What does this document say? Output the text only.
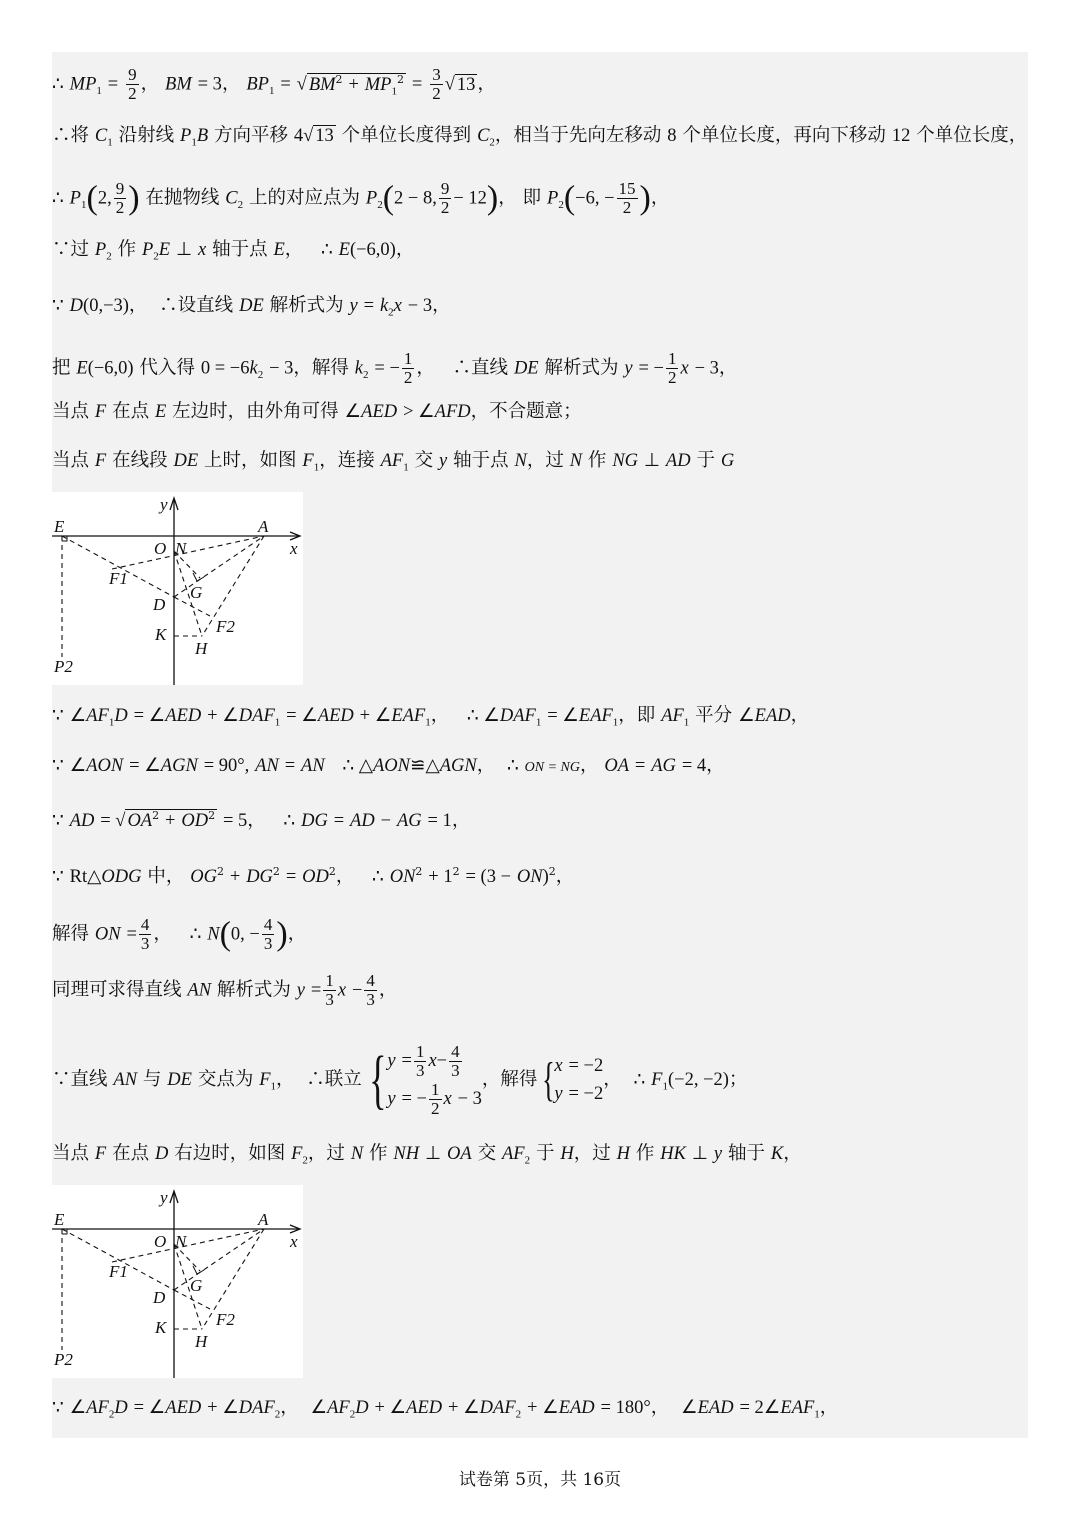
∴ $MP_1 = \frac{9}{2}$ ， BM = 3， $BP_1$ = √ $BM^2 + MP_1^2 = \frac{3}{2}$ √ 13 ，
∴将 $C_1$ 沿射线 $P_1B$ 方向平移 4√ 13 个单位长度得到 $C_2$，相当于先向左移动 8 个单位长度，再向下移动 12 个单位长度，
∴ $P_1(2$, $\frac{9}{2}$ ) 在抛物线 $C_2$ 上的对应点为 $P_2(2 - 8$, $\frac{9}{2} - 12$)， 即 $P_2(-6$, − $\frac{15}{2}$ )，
∵过 $P_2$ 作 $P_2E$ ⊥ x 轴于点 E，   ∴ E(−6,0)，
∵ D(0,−3)，  ∴设直线 DE 解析式为 $y = k_2x - 3$，
把 E(−6,0) 代入得 $0 = -6k_2 - 3$，解得 $k_2$ = − $\frac{1}{2}$ ，   ∴直线 DE 解析式为 y = − $\frac{1}{2}$ x − 3，
当点 F 在点 E 左边时，由外角可得 ∠AED > ∠AFD，不合题意；
当点 F 在线段 DE 上时，如图 $F_1$，连接 $AF_1$ 交 y 轴于点 N，过 N 作 NG ⊥ AD 于 G
y
x
E	A
O N
F1
G
D
F2
K
H
P2
∵ $\angle AF_1D$ = ∠AED + $\angle DAF_1$ = ∠AED + $\angle EAF_1$，   ∴ $\angle DAF_1$ = $\angle EAF_1$，即 $AF_1$ 平分 ∠EAD，
∵ ∠AON = ∠AGN = 90°, AN = AN ∴ △AON≌△AGN，  ∴ ON = NG， OA = AG = 4，
∵ AD = √ $OA^2 + OD^2 = 5$，   ∴ DG = AD − AG = 1，
∵ Rt△ODG 中， $OG^2 + DG^2 = OD^2$，   ∴ $ON^2 + 1^2 = (3 - ON)^2$，
解得 ON = $\frac{4}{3}$ ，   ∴ N(0, − $\frac{4}{3}$ )，
同理可求得直线 AN 解析式为 $y = \frac{1}{3}$ $x - \frac{4}{3}$ ，
∵直线 AN 与 DE 交点为 $F_1$，  ∴联立 { $y = \frac{1}{3} x- \frac{4}{3}$
y = − $\frac{1}{2}$ x − 3
，解得 { x = −2
y = −2
，  ∴ $F_1(-2$, −2)；
当点 F 在点 D 右边时，如图 $F_2$，过 N 作 NH ⊥ OA 交 $AF_2$ 于 H，过 H 作 HK ⊥ y 轴于 K，
y
x
E	A
O N
F1
G
D
F2
K
H
P2
∵ $\angle AF_2D$ = ∠AED + $\angle DAF_2$，  $\angle AF_2D$ + ∠AED + $\angle DAF_2$ + ∠EAD = 180°，  ∠EAD = $2\angle EAF_1$，
试卷第 5页，共 16页
